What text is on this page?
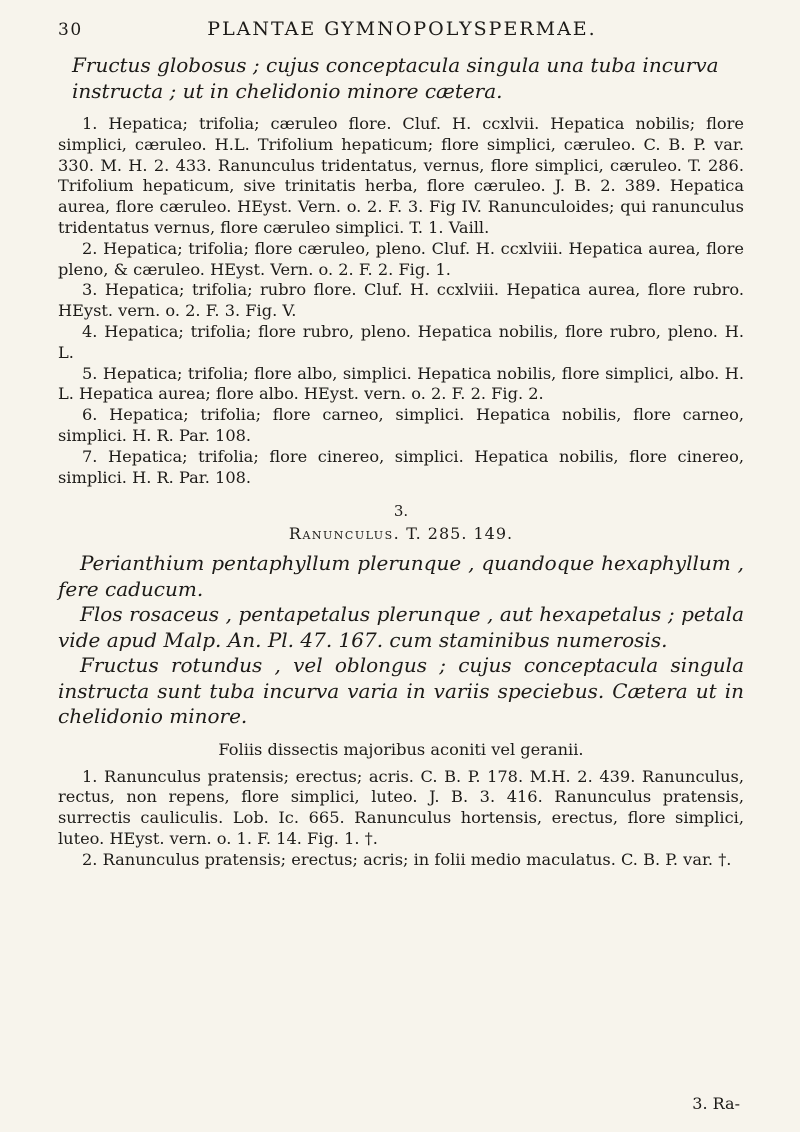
30	PLANTAE GYMNOPOLYSPERMAE.

Fructus globosus ; cujus conceptacula singula una tuba incurva instructa ; ut in chelidonio minore cætera.

1. Hepatica; trifolia; cæruleo flore. Cluf. H. ccxlvii. Hepatica nobilis; flore simplici, cæruleo. H.L. Trifolium hepaticum; flore simplici, cæruleo. C. B. P. var. 330. M. H. 2. 433. Ranunculus tridentatus, vernus, flore simplici, cæruleo. T. 286. Trifolium hepaticum, sive trinitatis herba, flore cæruleo. J. B. 2. 389. Hepatica aurea, flore cæruleo. HEyst. Vern. o. 2. F. 3. Fig IV. Ranunculoides; qui ranunculus tridentatus vernus, flore cæruleo simplici. T. 1. Vaill.

2. Hepatica; trifolia; flore cæruleo, pleno. Cluf. H. ccxlviii. Hepatica aurea, flore pleno, & cæruleo. HEyst. Vern. o. 2. F. 2. Fig. 1.

3. Hepatica; trifolia; rubro flore. Cluf. H. ccxlviii. Hepatica aurea, flore rubro. HEyst. vern. o. 2. F. 3. Fig. V.

4. Hepatica; trifolia; flore rubro, pleno. Hepatica nobilis, flore rubro, pleno. H. L.

5. Hepatica; trifolia; flore albo, simplici. Hepatica nobilis, flore simplici, albo. H. L. Hepatica aurea; flore albo. HEyst. vern. o. 2. F. 2. Fig. 2.

6. Hepatica; trifolia; flore carneo, simplici. Hepatica nobilis, flore carneo, simplici. H. R. Par. 108.

7. Hepatica; trifolia; flore cinereo, simplici. Hepatica nobilis, flore cinereo, simplici. H. R. Par. 108.

3.
Ranunculus. T. 285. 149.

Perianthium pentaphyllum plerunque , quandoque hexaphyllum , fere caducum.

Flos rosaceus , pentapetalus plerunque , aut hexapetalus ; petala vide apud Malp. An. Pl. 47. 167. cum staminibus numerosis.

Fructus rotundus , vel oblongus ; cujus conceptacula singula instructa sunt tuba incurva varia in variis speciebus. Cætera ut in chelidonio minore.

Foliis dissectis majoribus aconiti vel geranii.

1. Ranunculus pratensis; erectus; acris. C. B. P. 178. M.H. 2. 439. Ranunculus, rectus, non repens, flore simplici, luteo. J. B. 3. 416. Ranunculus pratensis, surrectis cauliculis. Lob. Ic. 665. Ranunculus hortensis, erectus, flore simplici, luteo. HEyst. vern. o. 1. F. 14. Fig. 1. †.

2. Ranunculus pratensis; erectus; acris; in folii medio maculatus. C. B. P. var. †.

3. Ra-
